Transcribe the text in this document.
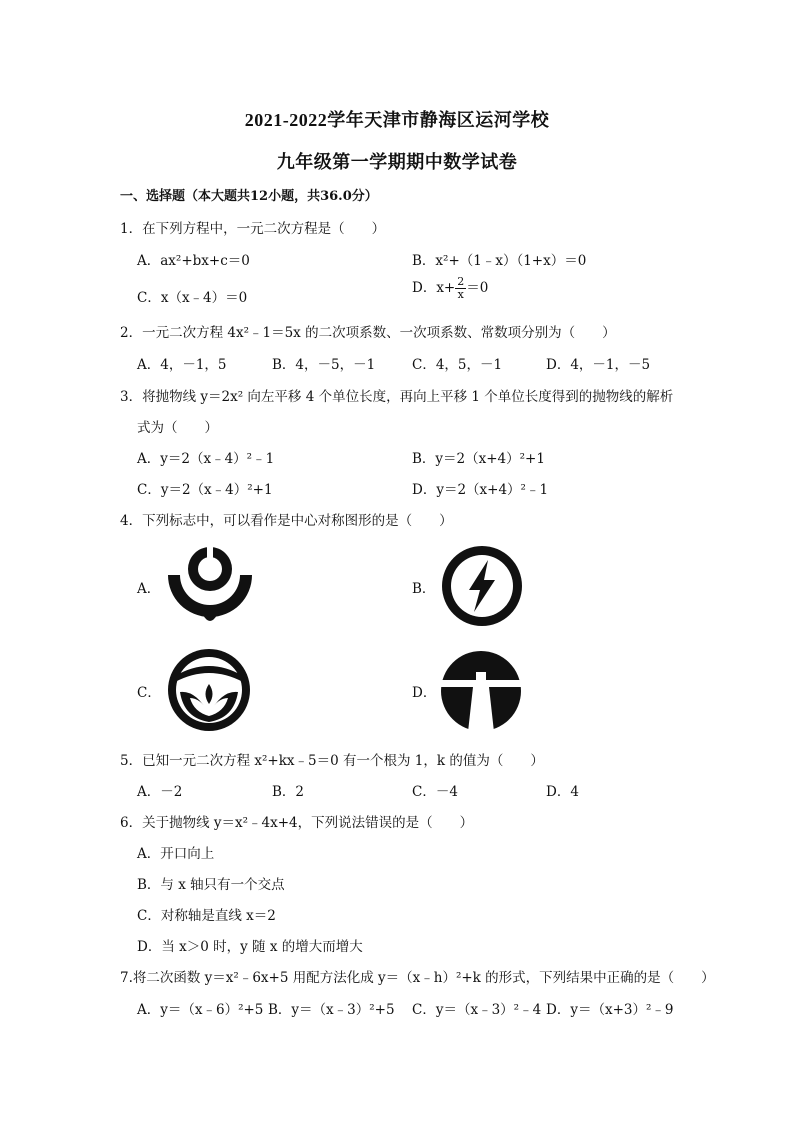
2021-2022学年天津市静海区运河学校
九年级第一学期期中数学试卷
一、选择题（本大题共12小题，共36.0分）
1．在下列方程中，一元二次方程是（　　）
A．ax²+bx+c＝0	B．x²+（1﹣x）（1+x）＝0
C．x（x﹣4）＝0
D．$x+ \frac{2}{x} =0$
2．一元二次方程 4x²﹣1＝5x 的二次项系数、一次项系数、常数项分别为（　　）
A．4，－1，5	B．4，－5，－1	C．4，5，－1	D．4，－1，－5
3．将抛物线 y＝2x² 向左平移 4 个单位长度，再向上平移 1 个单位长度得到的抛物线的解析
式为（　　）
A．y＝2（x﹣4）²﹣1	B．y＝2（x+4）²+1
C．y＝2（x﹣4）²+1	D．y＝2（x+4）²﹣1
4．下列标志中，可以看作是中心对称图形的是（　　）
A．	B．
C．	D．
5．已知一元二次方程 x²+kx﹣5＝0 有一个根为 1，k 的值为（　　）
A．－2	B．2	C．－4	D．4
6．关于抛物线 y＝x²﹣4x+4，下列说法错误的是（　　）
A．开口向上
B．与 x 轴只有一个交点
C．对称轴是直线 x＝2
D．当 x＞0 时，y 随 x 的增大而增大
7.将二次函数 y＝x²﹣6x+5 用配方法化成 y＝（x﹣h）²+k 的形式，下列结果中正确的是（　　）
A．y＝（x﹣6）²+5 B．y＝（x﹣3）²+5 C．y＝（x﹣3）²﹣4 D．y＝（x+3）²﹣9
